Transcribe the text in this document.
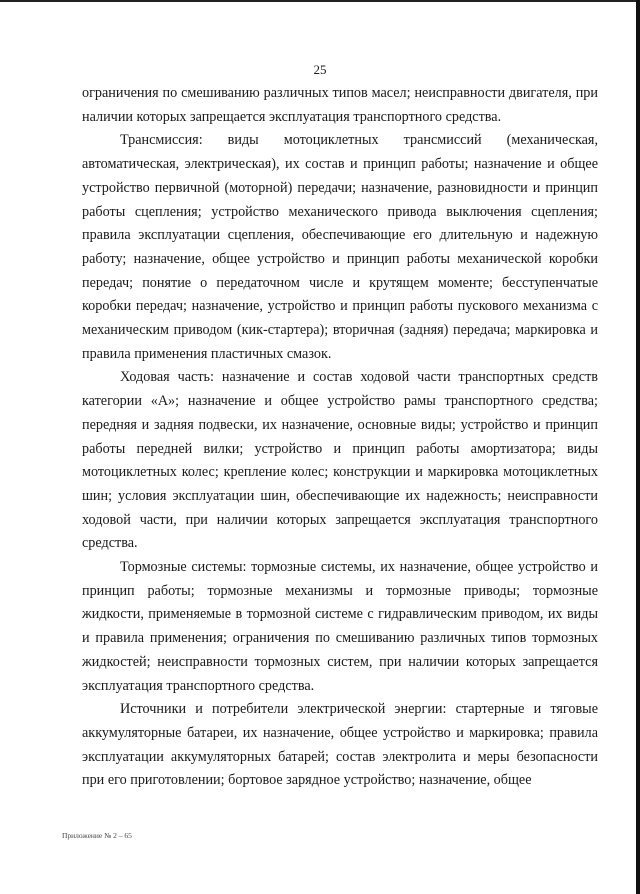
25

ограничения по смешиванию различных типов масел; неисправности двигателя, при наличии которых запрещается эксплуатация транспортного средства.

Трансмиссия: виды мотоциклетных трансмиссий (механическая, автоматическая, электрическая), их состав и принцип работы; назначение и общее устройство первичной (моторной) передачи; назначение, разновидности и принцип работы сцепления; устройство механического привода выключения сцепления; правила эксплуатации сцепления, обеспечивающие его длительную и надежную работу; назначение, общее устройство и принцип работы механической коробки передач; понятие о передаточном числе и крутящем моменте; бесступенчатые коробки передач; назначение, устройство и принцип работы пускового механизма с механическим приводом (кик-стартера); вторичная (задняя) передача; маркировка и правила применения пластичных смазок.

Ходовая часть: назначение и состав ходовой части транспортных средств категории «А»; назначение и общее устройство рамы транспортного средства; передняя и задняя подвески, их назначение, основные виды; устройство и принцип работы передней вилки; устройство и принцип работы амортизатора; виды мотоциклетных колес; крепление колес; конструкции и маркировка мотоциклетных шин; условия эксплуатации шин, обеспечивающие их надежность; неисправности ходовой части, при наличии которых запрещается эксплуатация транспортного средства.

Тормозные системы: тормозные системы, их назначение, общее устройство и принцип работы; тормозные механизмы и тормозные приводы; тормозные жидкости, применяемые в тормозной системе с гидравлическим приводом, их виды и правила применения; ограничения по смешиванию различных типов тормозных жидкостей; неисправности тормозных систем, при наличии которых запрещается эксплуатация транспортного средства.

Источники и потребители электрической энергии: стартерные и тяговые аккумуляторные батареи, их назначение, общее устройство и маркировка; правила эксплуатации аккумуляторных батарей; состав электролита и меры безопасности при его приготовлении; бортовое зарядное устройство; назначение, общее

Приложение № 2 – 65
